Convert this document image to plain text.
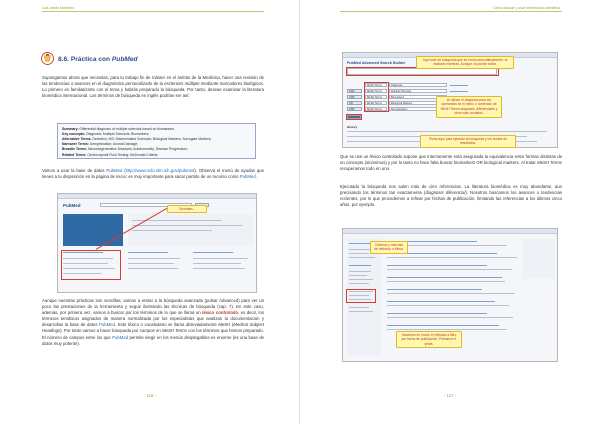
Luis Javier Martínez
8.6. Práctica con PubMed
Supongamos ahora que necesitas, para tu trabajo fin de máster en el ámbito de la Medicina, hacer una revisión de las tendencias o avances en el diagnóstico personalizado de la esclerosis múltiple mediante marcadores biológicos. Lo primero es familiarizarte con el tema y habrás preparado la búsqueda. Por tanto, deseas examinar la literatura biomédica internacional. Los términos de búsqueda en inglés podrían ser así:
Summary: Differential diagnosis of multiple sclerosis based on biomarkers.
Key concepts: Diagnosis; Multiple Sclerosis; Biomarkers;
Alternative Terms: Detection; MS; Disseminated Sclerosis; Biological Markers; Surrogate Markers;
Narrower Terms: Demyelination; Axonal Damage;
Broader Terms: Neurodegenerative Diseases; Autoimmunity; Disease Progression;
Related Terms: Cerebrospinal Fluid Testing; McDonald Criteria;
Vamos a usar la base de datos PubMed (http://www.ncbi.nlm.nih.gov/pubmed). Observa el menú de ayudas que tienes a tu disposición en la página de inicio; es muy importante para sacar partido de un recurso como PubMed.
PubMed
Tutoriales...
Aunque nuestras prácticas son sencillas, vamos a entrar a la búsqueda avanzada (pulsar Advanced) para ver un poco las prestaciones de la herramienta y seguir ilustrando las técnicas de búsqueda (cap. 7). En este caso, además, por primera vez, vamos a buscar por los términos de lo que se llama un léxico controlado, es decir, los términos temáticos asignados de manera normalizada por los especialistas que analizan la documentación y desarrollan la base de datos PubMed. Este léxico o vocabulario se llama abreviadamente MeSH (Medical Subject Headings). Por tanto vamos a hacer búsqueda por campos en MeSH Terms con los términos que hemos preparado. El número de campos entre los que PubMed permite elegir en los menús desplegables es enorme (es una base de datos muy potente).
- 116 -
Cómo buscar y usar información científica
PubMed Advanced Search Builder
MeSH Terms	Diagnosis
AND	MeSH Terms	Multiple Sclerosis
AND	MeSH Terms	Biomarkers
OR	MeSH Terms	Biological Markers
AND	MeSH Terms	Demyelination
History
Aquí sale de búsqueda que se forma automáticamente, al elaborar mientras. Aunque no puede editar.
Al utilizar el diagrama para los operandos se el menú o contenido de MeSH Terms diagnosis, diferenciales y otros más vocablos.
Pulsa aquí para ejecutar la búsqueda y ver la lista de resultados.
Que se use un léxico controlado supone que internamente está asegurada la equivalencia entre formas distintas de un concepto (sinónimos) y por lo tanto no hace falta buscar biomarkers OR biological markers. Al tratar MeSH Terms recuperamos todo en uno.
Ejecutado la búsqueda nos salen más de cien referencias. La literatura biomédica es muy abundante, aun precisando los términos tan exactamente (diagnosis diferencial). Nosotros buscamos los avances o tendencias recientes, por lo que procedemos a refinar por fechas de publicación, limitando las referencias a los últimos cinco años, por ejemplo.
Criterios y mencias de refinado, a filtros.
Hacemos en rincón el refinado a filtro por fecha de publicación. Pulsamos 5 years.
- 117 -
